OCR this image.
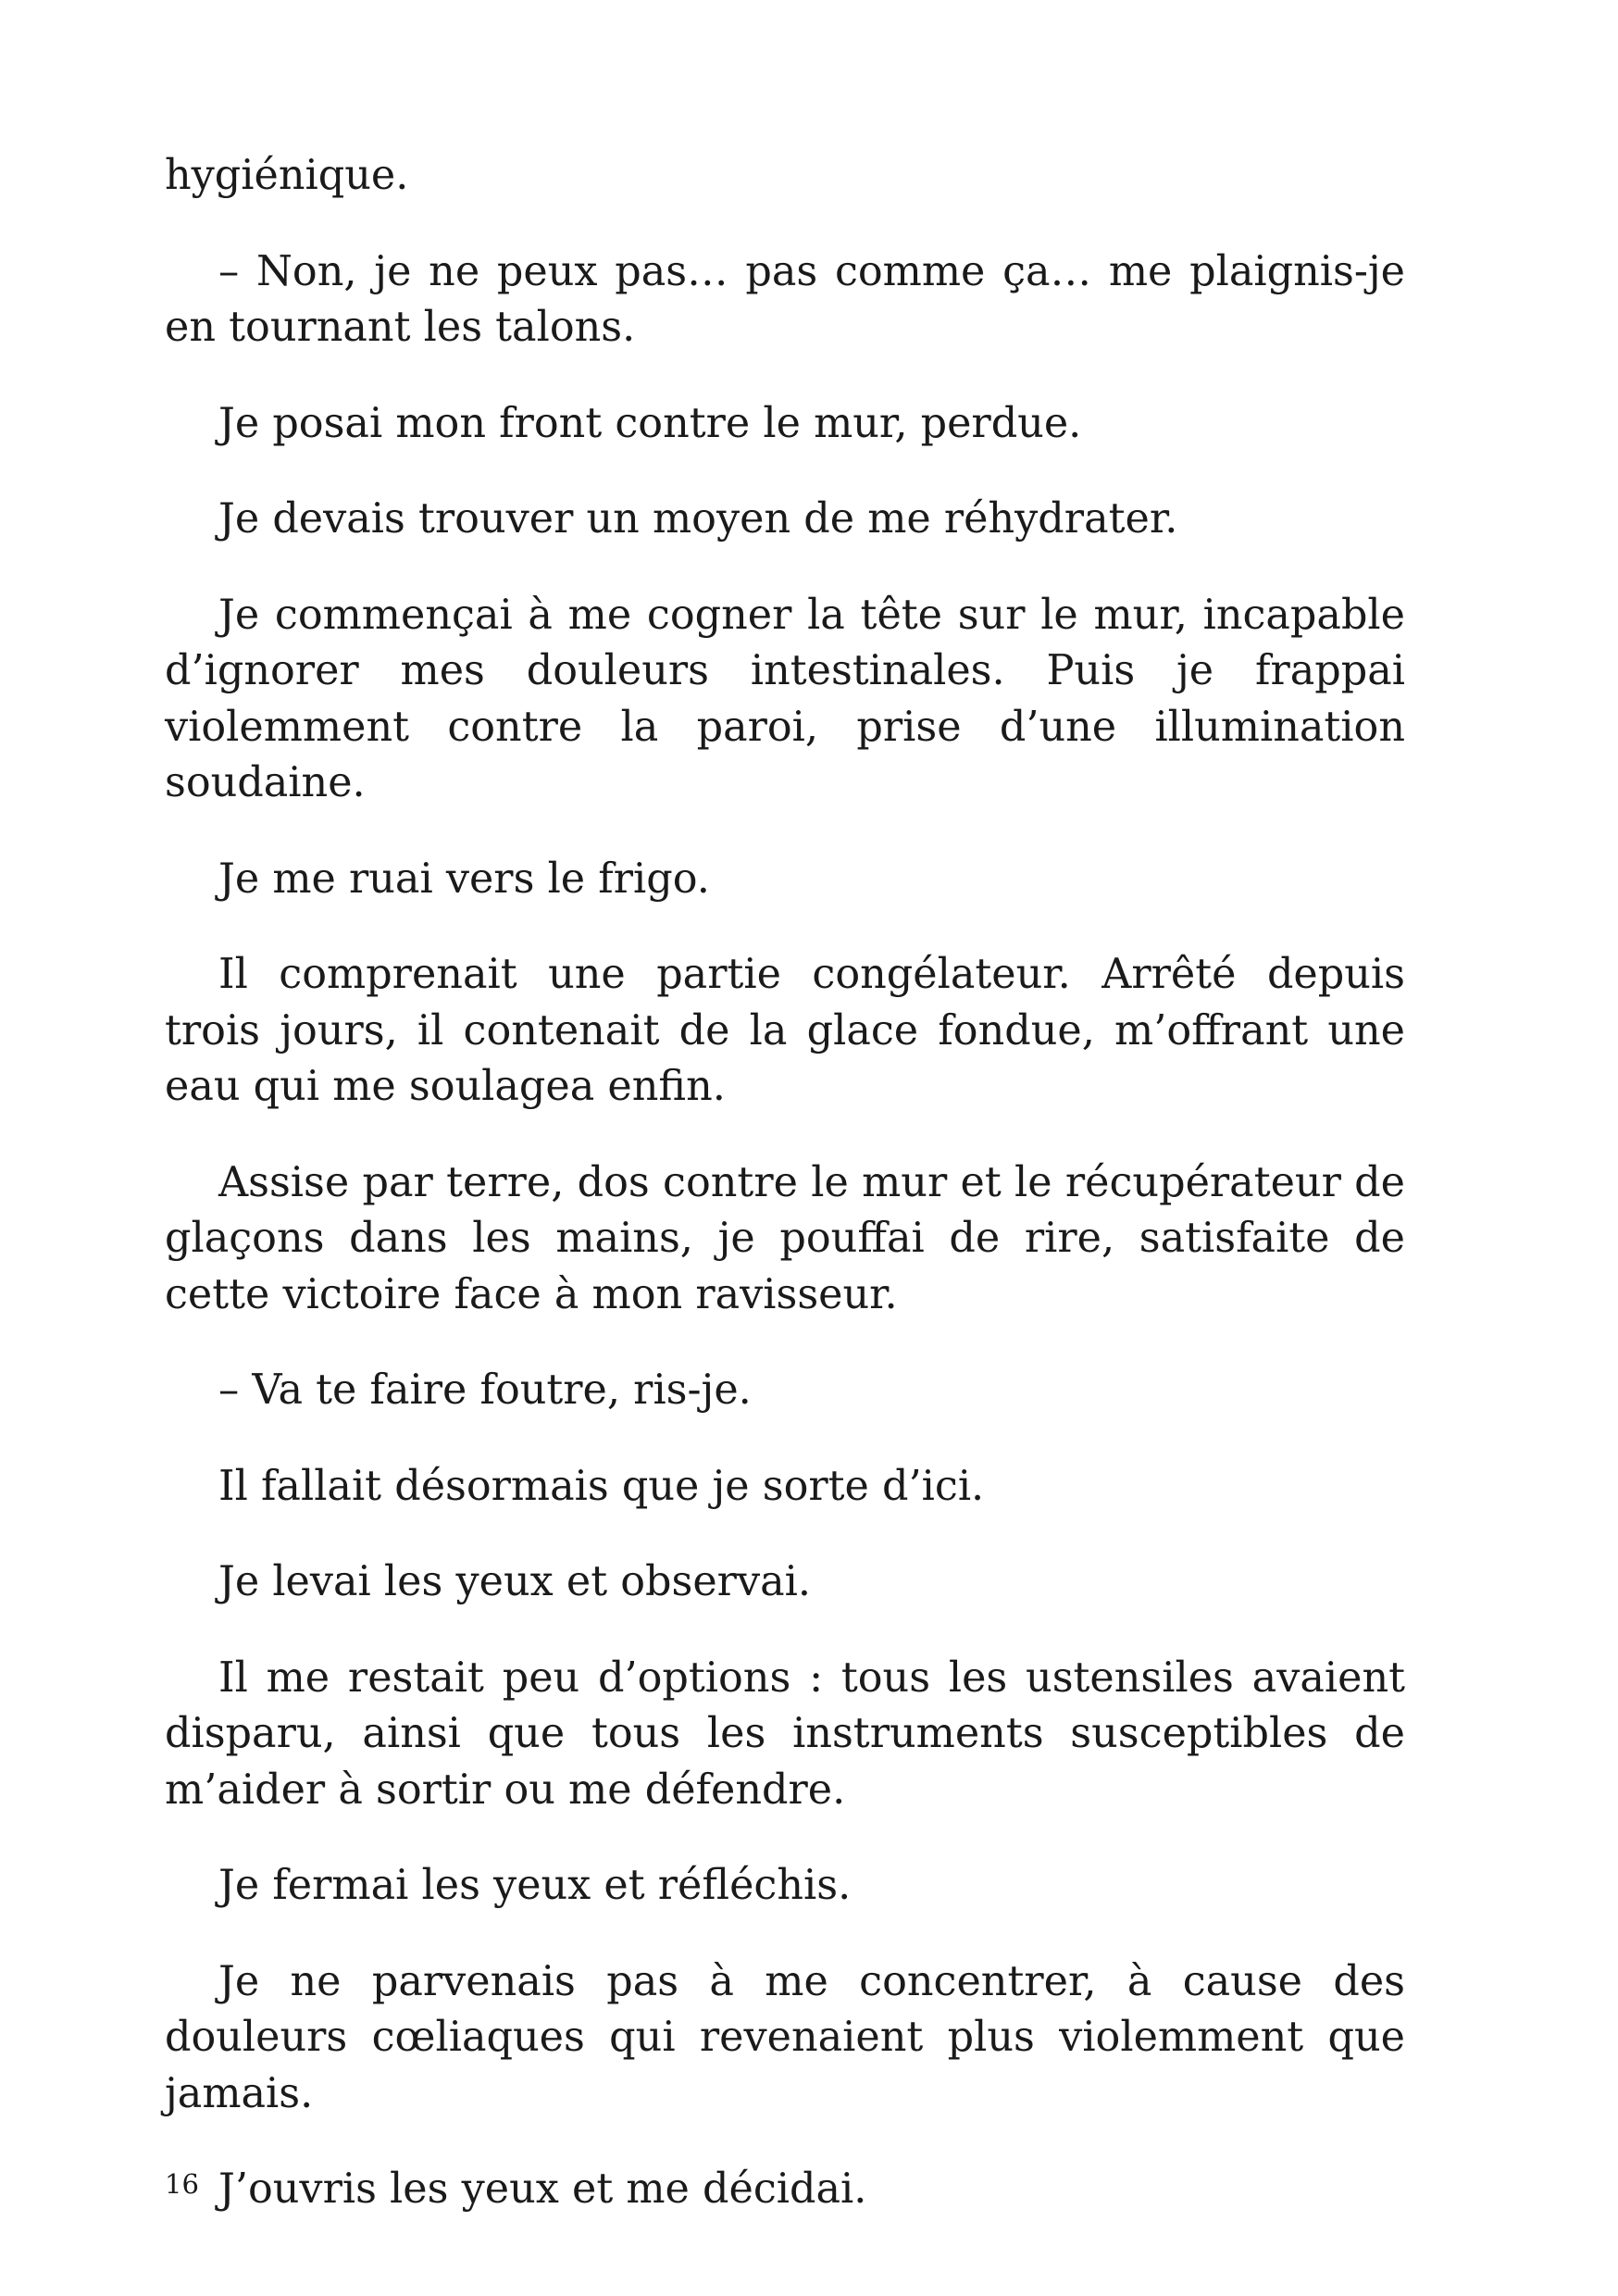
hygiénique.

– Non, je ne peux pas… pas comme ça… me plaignis-je en tournant les talons.

Je posai mon front contre le mur, perdue.

Je devais trouver un moyen de me réhydrater.

Je commençai à me cogner la tête sur le mur, incapable d’ignorer mes douleurs intestinales. Puis je frappai violemment contre la paroi, prise d’une illumination soudaine.

Je me ruai vers le frigo.

Il comprenait une partie congélateur. Arrêté depuis trois jours, il contenait de la glace fondue, m’offrant une eau qui me soulagea enfin.

Assise par terre, dos contre le mur et le récupérateur de glaçons dans les mains, je pouffai de rire, satisfaite de cette victoire face à mon ravisseur.

– Va te faire foutre, ris-je.

Il fallait désormais que je sorte d’ici.

Je levai les yeux et observai.

Il me restait peu d’options : tous les ustensiles avaient disparu, ainsi que tous les instruments susceptibles de m’aider à sortir ou me défendre.

Je fermai les yeux et réfléchis.

Je ne parvenais pas à me concentrer, à cause des douleurs cœliaques qui revenaient plus violemment que jamais.

J’ouvris les yeux et me décidai.

16
